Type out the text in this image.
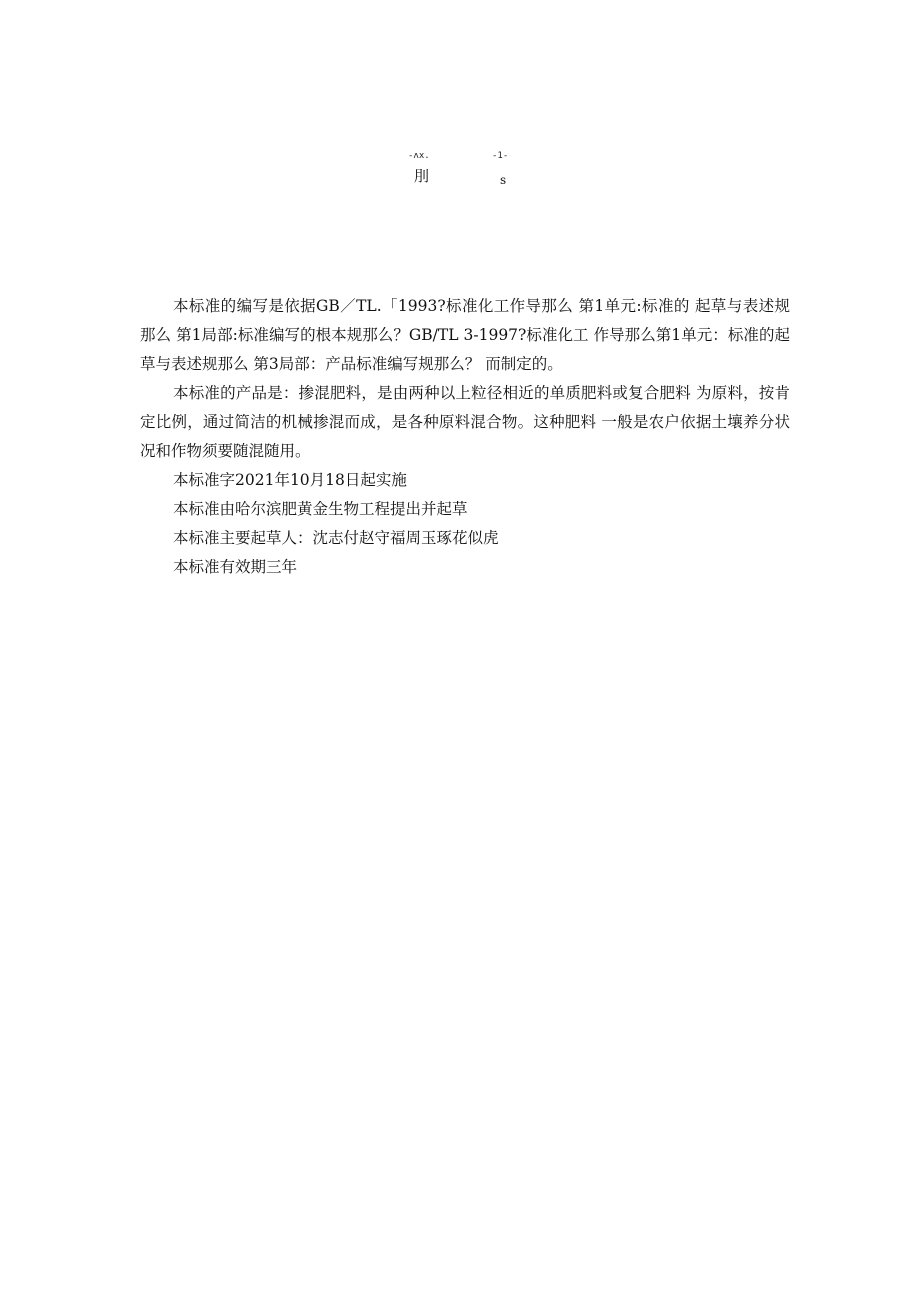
-ʌx.	-1-
刖	s

本标准的编写是依据GB／TL.「1993?标准化工作导那么 第1单元:标准的 起草与表述规那么 第1局部:标准编写的根本规那么？GB/TL 3-1997?标准化工 作导那么第1单元：标准的起草与表述规那么 第3局部：产品标准编写规那么？ 而制定的。

本标准的产品是：掺混肥料，是由两种以上粒径相近的单质肥料或复合肥料 为原料，按肯定比例，通过简洁的机械掺混而成，是各种原料混合物。这种肥料 一般是农户依据土壤养分状况和作物须要随混随用。

本标准字2021年10月18日起实施

本标准由哈尔滨肥黄金生物工程提出并起草

本标准主要起草人：沈志付赵守福周玉琢花似虎

本标准有效期三年
